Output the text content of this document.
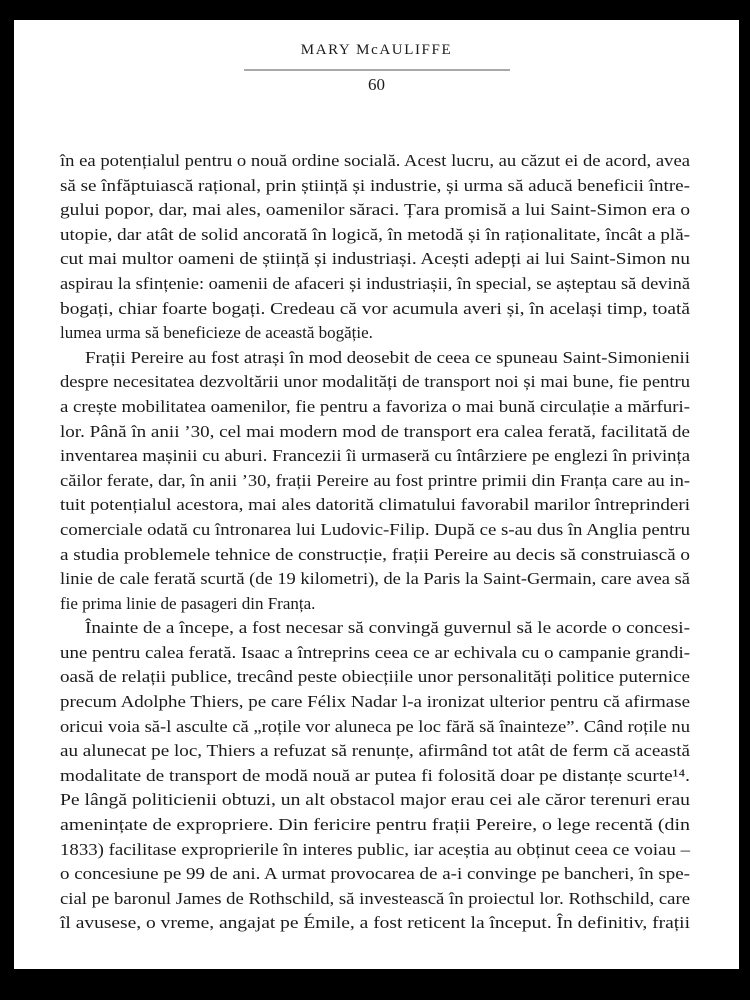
MARY McAULIFFE
60
în ea potențialul pentru o nouă ordine socială. Acest lucru, au căzut ei de acord, avea
să se înfăptuiască rațional, prin știință și industrie, și urma să aducă beneficii între-
gului popor, dar, mai ales, oamenilor săraci. Țara promisă a lui Saint-Simon era o
utopie, dar atât de solid ancorată în logică, în metodă și în raționalitate, încât a plă-
cut mai multor oameni de știință și industriași. Acești adepți ai lui Saint-Simon nu
aspirau la sfințenie: oamenii de afaceri și industriașii, în special, se așteptau să devină
bogați, chiar foarte bogați. Credeau că vor acumula averi și, în același timp, toată
lumea urma să beneficieze de această bogăție.
Frații Pereire au fost atrași în mod deosebit de ceea ce spuneau Saint-Simonienii
despre necesitatea dezvoltării unor modalități de transport noi și mai bune, fie pentru
a crește mobilitatea oamenilor, fie pentru a favoriza o mai bună circulație a mărfuri-
lor. Până în anii ’30, cel mai modern mod de transport era calea ferată, facilitată de
inventarea mașinii cu aburi. Francezii îi urmaseră cu întârziere pe englezi în privința
căilor ferate, dar, în anii ’30, frații Pereire au fost printre primii din Franța care au in-
tuit potențialul acestora, mai ales datorită climatului favorabil marilor întreprinderi
comerciale odată cu întronarea lui Ludovic-Filip. După ce s-au dus în Anglia pentru
a studia problemele tehnice de construcție, frații Pereire au decis să construiască o
linie de cale ferată scurtă (de 19 kilometri), de la Paris la Saint-Germain, care avea să
fie prima linie de pasageri din Franța.
Înainte de a începe, a fost necesar să convingă guvernul să le acorde o concesi-
une pentru calea ferată. Isaac a întreprins ceea ce ar echivala cu o campanie grandi-
oasă de relații publice, trecând peste obiecțiile unor personalități politice puternice
precum Adolphe Thiers, pe care Félix Nadar l-a ironizat ulterior pentru că afirmase
oricui voia să-l asculte că „roțile vor aluneca pe loc fără să înainteze”. Când roțile nu
au alunecat pe loc, Thiers a refuzat să renunțe, afirmând tot atât de ferm că această
modalitate de transport de modă nouă ar putea fi folosită doar pe distanțe scurte¹⁴.
Pe lângă politicienii obtuzi, un alt obstacol major erau cei ale căror terenuri erau
amenințate de expropriere. Din fericire pentru frații Pereire, o lege recentă (din
1833) facilitase exproprierile în interes public, iar aceștia au obținut ceea ce voiau –
o concesiune pe 99 de ani. A urmat provocarea de a-i convinge pe bancheri, în spe-
cial pe baronul James de Rothschild, să investească în proiectul lor. Rothschild, care
îl avusese, o vreme, angajat pe Émile, a fost reticent la început. În definitiv, frații
